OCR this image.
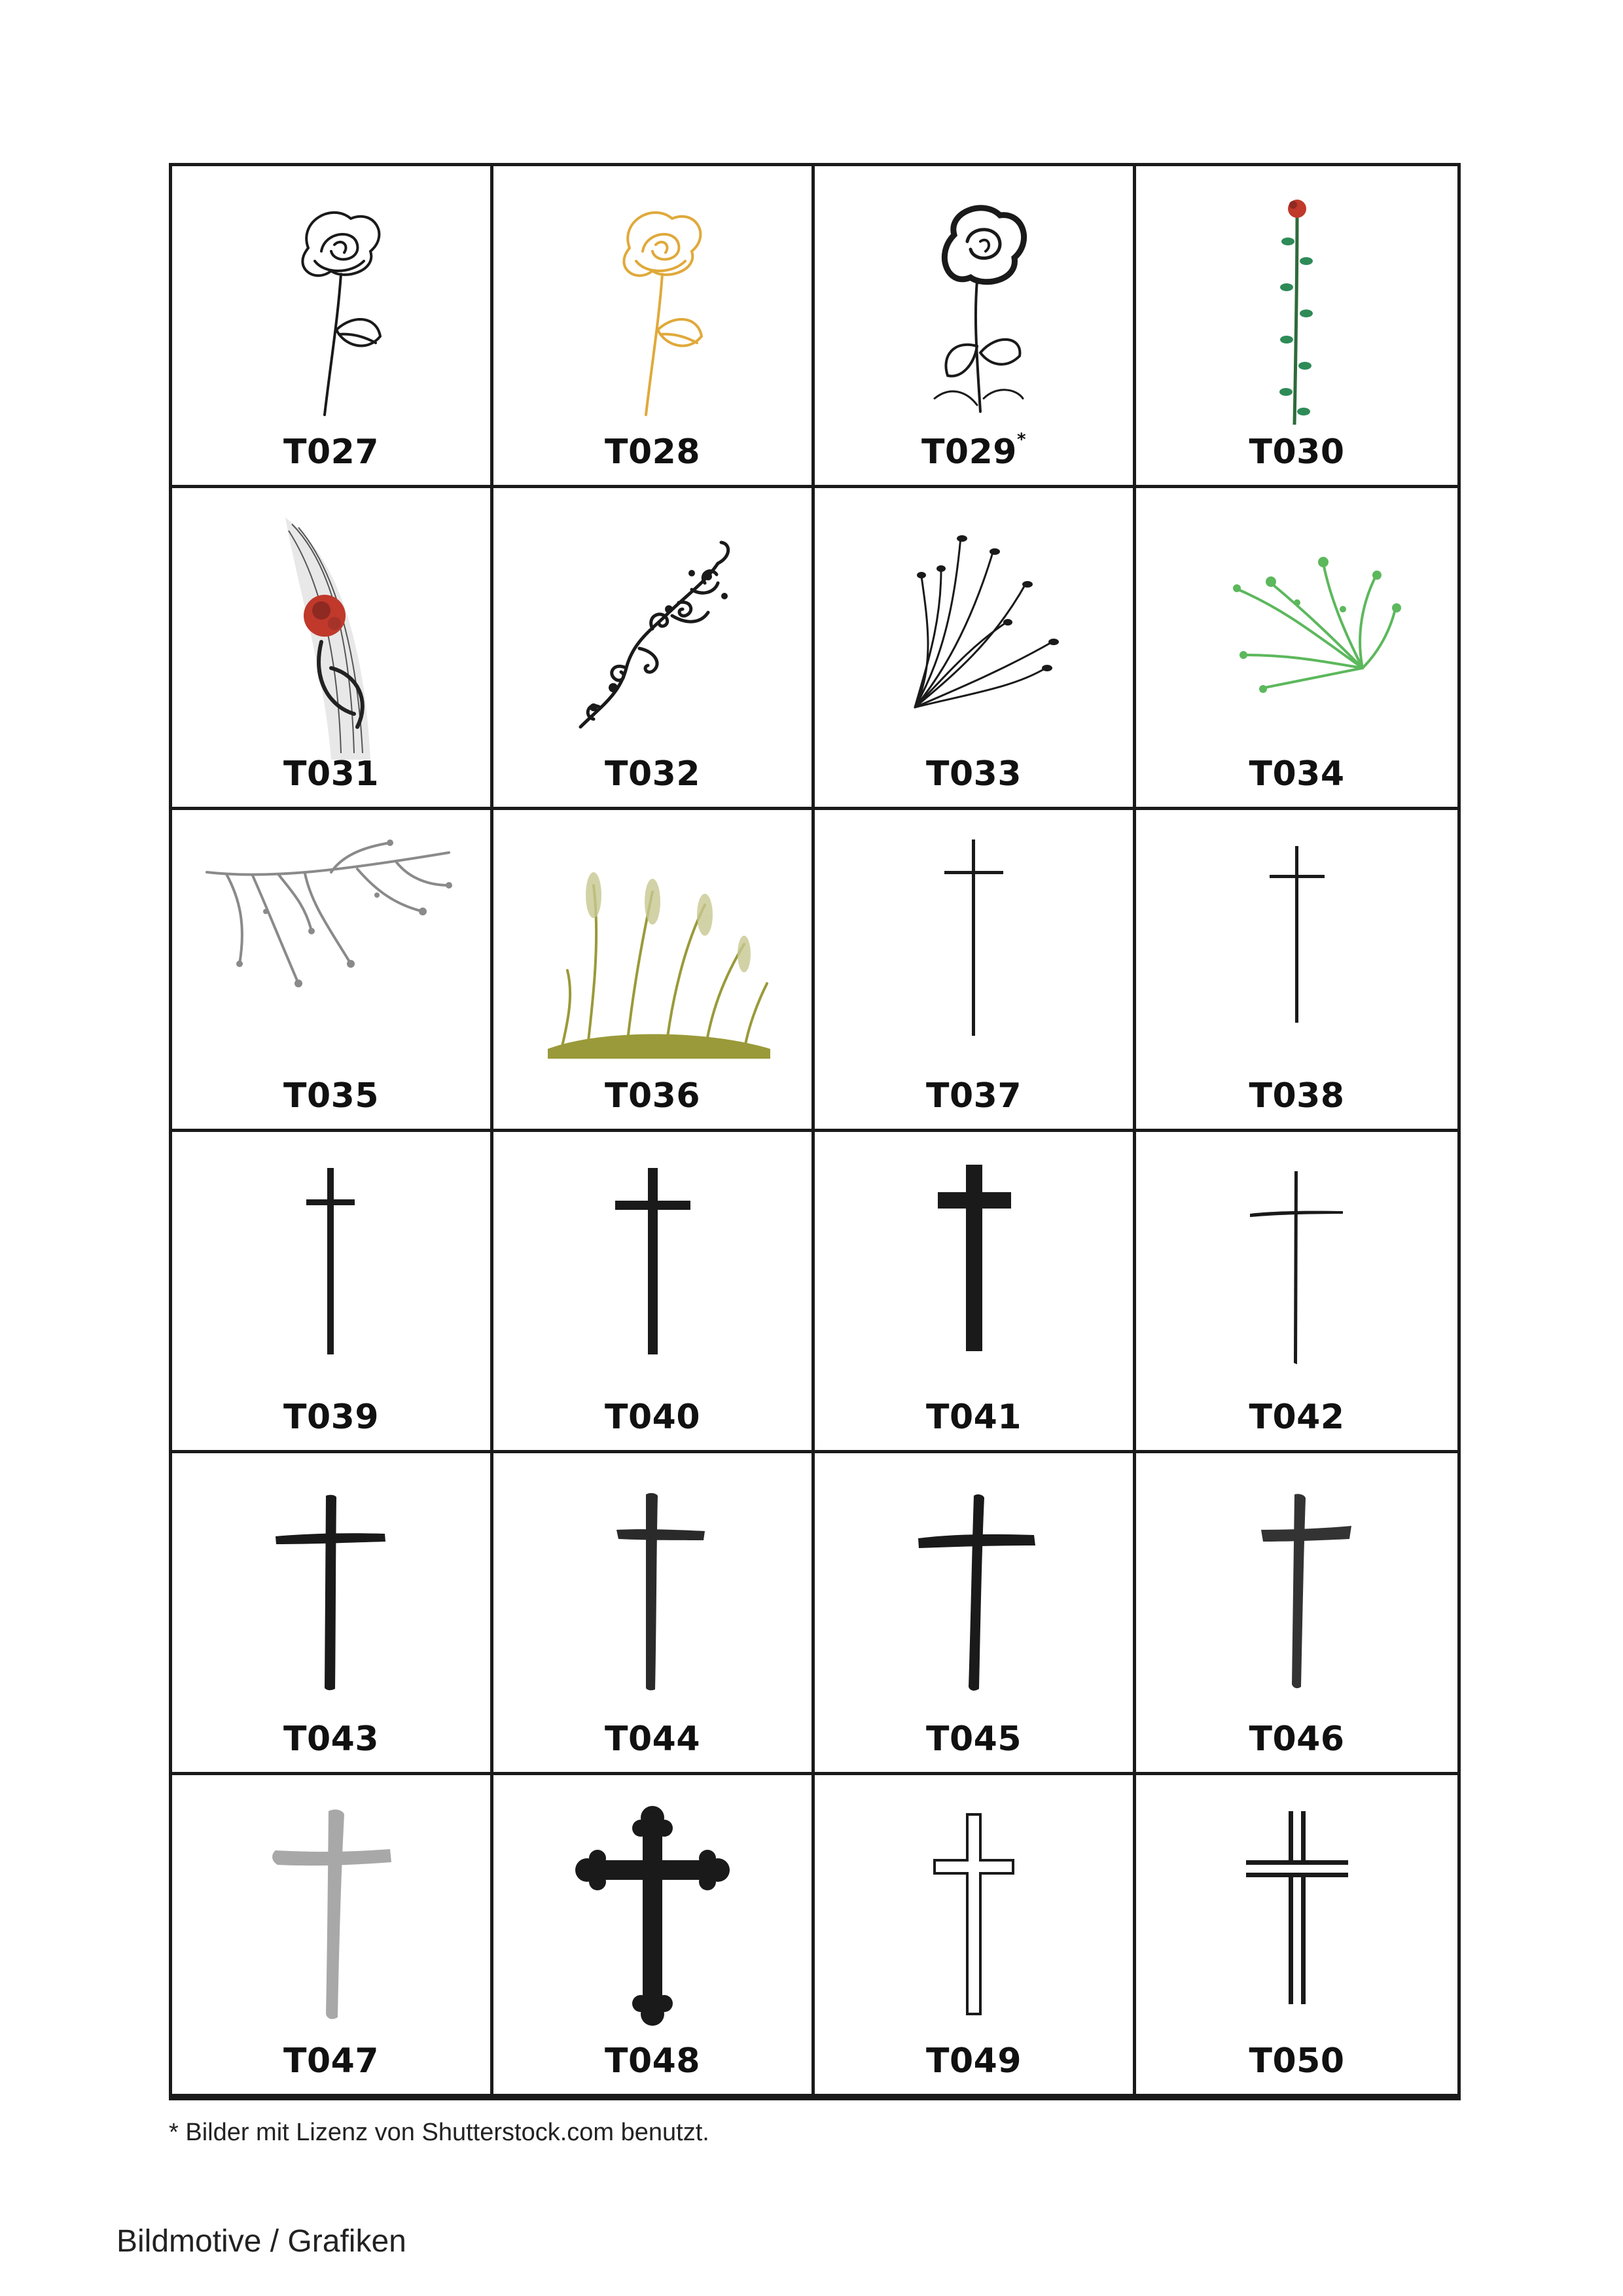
T027	T028	T029*	T030
T031	T032	T033	T034
T035	T036	T037	T038
T039	T040	T041	T042
T043	T044	T045	T046
T047	T048	T049	T050
* Bilder mit Lizenz von Shutterstock.com benutzt.
Bildmotive / Grafiken
